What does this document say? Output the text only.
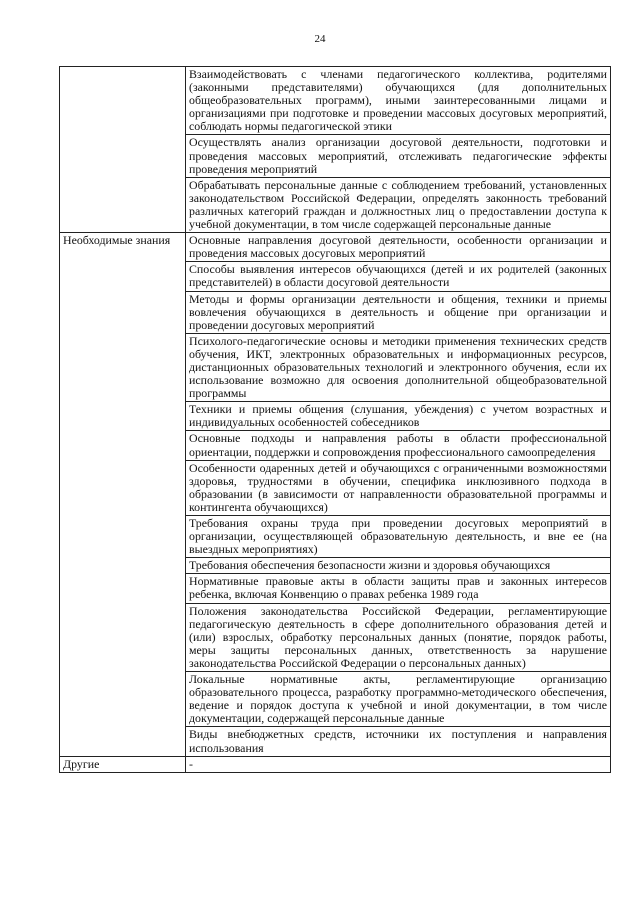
24
	Взаимодействовать с членами педагогического коллектива, родителями (законными представителями) обучающихся (для дополнительных общеобразовательных программ), иными заинтересованными лицами и организациями при подготовке и проведении массовых досуговых мероприятий, соблюдать нормы педагогической этики
	Осуществлять анализ организации досуговой деятельности, подготовки и проведения массовых мероприятий, отслеживать педагогические эффекты проведения мероприятий
	Обрабатывать персональные данные с соблюдением требований, установленных законодательством Российской Федерации, определять законность требований различных категорий граждан и должностных лиц о предоставлении доступа к учебной документации, в том числе содержащей персональные данные
Необходимые знания	Основные направления досуговой деятельности, особенности организации и проведения массовых досуговых мероприятий
	Способы выявления интересов обучающихся (детей и их родителей (законных представителей) в области досуговой деятельности
	Методы и формы организации деятельности и общения, техники и приемы вовлечения обучающихся в деятельность и общение при организации и проведении досуговых мероприятий
	Психолого-педагогические основы и методики применения технических средств обучения, ИКТ, электронных образовательных и информационных ресурсов, дистанционных образовательных технологий и электронного обучения, если их использование возможно для освоения дополнительной общеобразовательной программы
	Техники и приемы общения (слушания, убеждения) с учетом возрастных и индивидуальных особенностей собеседников
	Основные подходы и направления работы в области профессиональной ориентации, поддержки и сопровождения профессионального самоопределения
	Особенности одаренных детей и обучающихся с ограниченными возможностями здоровья, трудностями в обучении, специфика инклюзивного подхода в образовании (в зависимости от направленности образовательной программы и контингента обучающихся)
	Требования охраны труда при проведении досуговых мероприятий в организации, осуществляющей образовательную деятельность, и вне ее (на выездных мероприятиях)
	Требования обеспечения безопасности жизни и здоровья обучающихся
	Нормативные правовые акты в области защиты прав и законных интересов ребенка, включая Конвенцию о правах ребенка 1989 года
	Положения законодательства Российской Федерации, регламентирующие педагогическую деятельность в сфере дополнительного образования детей и (или) взрослых, обработку персональных данных (понятие, порядок работы, меры защиты персональных данных, ответственность за нарушение законодательства Российской Федерации о персональных данных)
	Локальные нормативные акты, регламентирующие организацию образовательного процесса, разработку программно-методического обеспечения, ведение и порядок доступа к учебной и иной документации, в том числе документации, содержащей персональные данные
	Виды внебюджетных средств, источники их поступления и направления использования
Другие	-
